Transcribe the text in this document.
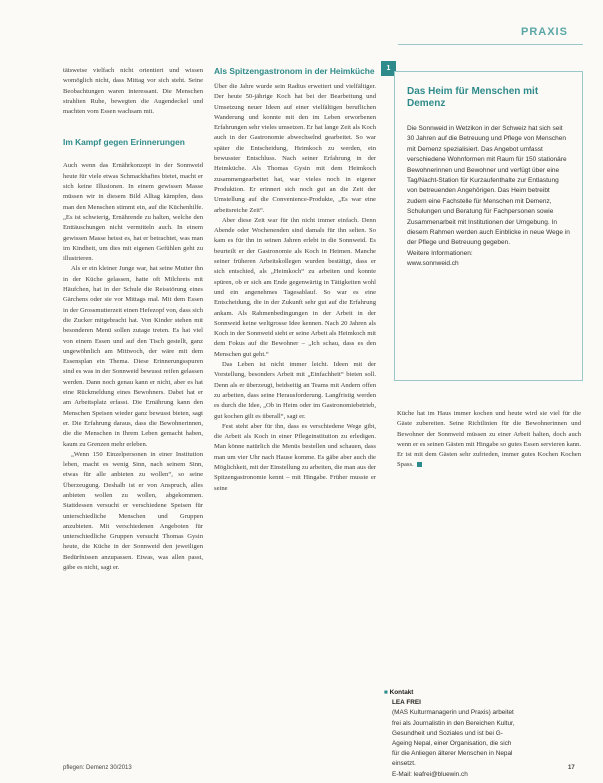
PRAXIS

tätsweise vielfach nicht orientiert und wissen womöglich nicht, dass Mittag vor sich steht. Seine Beobachtungen waren interessant. Die Menschen strahlten Ruhe, bewegten die Augendeckel und machten vom Essen wachsam mit.

Im Kampf gegen Erinnerungen

Auch wenn das Ernährkonzept in der Sonnweid heute für viele etwas Schmackhaftes bietet, macht er sich keine Illusionen. In einem gewissen Masse müssen wir in diesem Bild Alltag kämpfen, dass man den Menschen stimmt ein, auf die Küchenhilfe. „Es ist schwierig, Ernährende zu halten, welche den Enttäuschungen nicht vermitteln auch. In einem gewissen Masse heisst es, hat er betrachtet, was man im Kindheit, um dies mit eigenen Gefühlen geht zu illustrieren.

Als er ein kleiner Junge war, hat seine Mutter ihn in der Küche gelassen, hatte oft Milchreis mit Häufchen, hat in der Schule die Reisstörung eines Gärchens oder sie vor Mittags mal. Mit dem Essen in der Grossmutterzeit einen Hefezopf von, dass sich die Zucker mitgebracht hat. Von Kinder stehen mit besonderen Menü sollen zutage treten. Es hat viel von einem Essen und auf den Tisch gestellt, ganz ungewöhnlich am Mittwoch, der wäre mit dem Essensplan ein Thema. Diese Erinnerungsspuren sind es was in der Sonnweid bewusst reifen gelassen werden. Dann noch genau kann er nicht, aber es hat eine Rückmeldung eines Bewohners. Dabei hat er am Arbeitsplatz erfasst. Die Ernährung kann den Menschen Speisen wieder ganz bewusst bieten, sagt er. Die Erfahrung daraus, dass die Bewohnerinnen, die die Menschen in Ihrem Leben gemacht haben, kaum zu Grenzen mehr erleben.

„Wenn 150 Einzelpersonen in einer Institution leben, macht es wenig Sinn, nach seinem Sinn, etwas für alle anbieten zu wollen“, so seine Überzeugung. Deshalb ist er von Anspruch, alles anbieten wollen zu wollen, abgekommen. Stattdessen versucht er verschiedene Speisen für unterschiedliche Menschen und Gruppen anzubieten. Mit verschiedenen Angeboten für unterschiedliche Gruppen versucht Thomas Gysin heute, die Küche in der Sonnweid den jeweiligen Bedürfnissen anzupassen. Etwas, was allen passt, gäbe es nicht, sagt er.

Als Spitzengastronom in der Heimküche

Über die Jahre wurde sein Radius erweitert und vielfältiger. Der heute 50-jährige Koch hat bei der Bearbeitung und Umsetzung neuer Ideen auf einer vielfältigen beruflichen Wanderung und konnte mit den im Leben erworbenen Erfahrungen sehr vieles umsetzen. Er hat lange Zeit als Koch auch in der Gastronomie abwechselnd gearbeitet. So war später die Entscheidung, Heimkoch zu werden, ein bewusster Entschluss. Nach seiner Erfahrung in der Heimküche. Als Thomas Gysin mit dem Heimkoch zusammengearbeitet hat, war vieles noch in eigener Produktion. Er erinnert sich noch gut an die Zeit der Umstellung auf die Convenience-Produkte, „Es war eine arbeitsreiche Zeit“.

Aber diese Zeit war für ihn nicht immer einfach. Denn Abende oder Wochenenden sind damals für ihn selten. So kam es für ihn in seinen Jahren erlebt in die Sonnweid. Es beurteilt er der Gastronomie als Koch in Heimen. Manche seiner früheren Arbeitskollegen wurden bestätigt, dass er sich entschied, als „Heimkoch“ zu arbeiten und konnte spüren, ob er sich am Ende gegenwärtig in Tätigkeiten wohl und ein angenehmes Tagesablauf. So war es eine Entscheidung, die in der Zukunft sehr gut auf die Erfahrung ankam. Als Rahmenbedingungen in der Arbeit in der Sonnweid keine weltgrosse Idee kennen. Nach 20 Jahren als Koch in der Sonnweid sieht er seine Arbeit als Heimkoch mit dem Fokus auf die Bewohner – „Ich schau, dass es den Menschen gut geht.“

Das Leben ist nicht immer leicht. Ideen mit der Vorstellung, besonders Arbeit mit „Einfachheit“ bieten soll. Denn als er überzeugt, beidseitig an Teams mit Andern offen zu arbeiten, dass seine Herausforderung. Langfristig werden es durch die Idee, „Ob in Heim oder im Gastronomiebetrieb, gut kochen gilt es überall“, sagt er.

Fest steht aber für ihn, dass es verschiedene Wege gibt, die Arbeit als Koch in einer Pflegeinstitution zu erledigen. Man könne natürlich die Menüs bestellen und schauen, dass man um vier Uhr nach Hause komme. Es gäbe aber auch die Möglichkeit, mit der Einstellung zu arbeiten, die man aus der Spitzengastronomie kennt – mit Hingabe. Früher musste er seine

1
Das Heim für Menschen mit Demenz
Die Sonnweid in Wetzikon in der Schweiz hat sich seit 30 Jahren auf die Betreuung und Pflege von Menschen mit Demenz spezialisiert. Das Angebot umfasst verschiedene Wohnformen mit Raum für 150 stationäre Bewohnerinnen und Bewohner und verfügt über eine Tag/Nacht-Station für Kurzaufenthalte zur Entlastung von betreuenden Angehörigen. Das Heim betreibt zudem eine Fachstelle für Menschen mit Demenz, Schulungen und Beratung für Fachpersonen sowie Zusammenarbeit mit Institutionen der Umgebung. In diesem Rahmen werden auch Einblicke in neue Wege in der Pflege und Betreuung gegeben.
Weitere Informationen:
www.sonnweid.ch

Küche hat im Haus immer kochen und heute wird sie viel für die Gäste zubereiten. Seine Richtlinien für die Bewohnerinnen und Bewohner der Sonnweid müssen zu einer Arbeit halten, doch auch wenn er es seinen Gästen mit Hingabe so gutes Essen servieren kann. Er ist mit dem Gästen sehr zufrieden, immer gutes Kochen Kochen Spass.

■ Kontakt
LEA FREI
(MAS Kulturmanagerin und Praxis) arbeitet
frei als Journalistin in den Bereichen Kultur,
Gesundheit und Soziales und ist bei G-
Ageing Nepal, einer Organisation, die sich
für die Anliegen älterer Menschen in Nepal
einsetzt.
E-Mail: leafrei@bluewin.ch
pflegen: Demenz 30/2013	17
